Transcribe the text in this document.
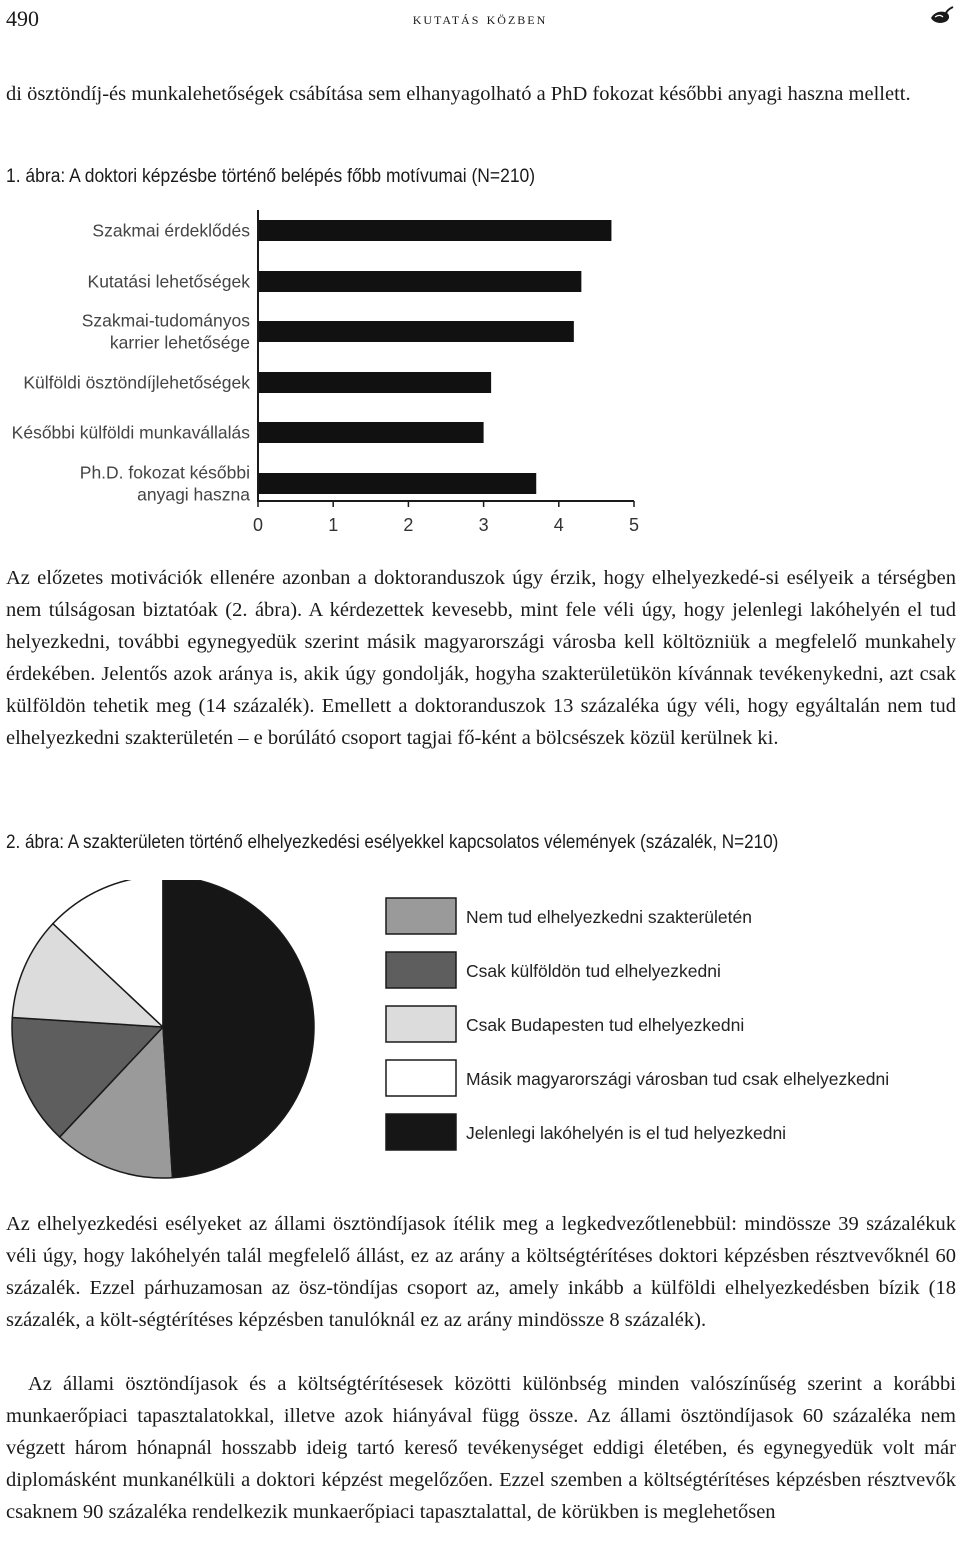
490	kutatás közben

di ösztöndíj-és munkalehetőségek csábítása sem elhanyagolható a PhD fokozat későbbi anyagi haszna mellett.

1. ábra: A doktori képzésbe történő belépés főbb motívumai (N=210)
0	1	2	3	4	5
Szakmai érdeklődés
Kutatási lehetőségek
Szakmai-tudományos
karrier lehetősége
Külföldi ösztöndíjlehetőségek
Későbbi külföldi munkavállalás
Ph.D. fokozat későbbi
anyagi haszna

Az előzetes motivációk ellenére azonban a doktoranduszok úgy érzik, hogy elhelyezkedé-si esélyeik a térségben nem túlságosan biztatóak (2. ábra). A kérdezettek kevesebb, mint fele véli úgy, hogy jelenlegi lakóhelyén el tud helyezkedni, további egynegyedük szerint másik magyarországi városba kell költözniük a megfelelő munkahely érdekében. Jelentős azok aránya is, akik úgy gondolják, hogyha szakterületükön kívánnak tevékenykedni, azt csak külföldön tehetik meg (14 százalék). Emellett a doktoranduszok 13 százaléka úgy véli, hogy egyáltalán nem tud elhelyezkedni szakterületén – e borúlátó csoport tagjai fő-ként a bölcsészek közül kerülnek ki.

2. ábra: A szakterületen történő elhelyezkedési esélyekkel kapcsolatos vélemények (százalék, N=210)
Nem tud elhelyezkedni szakterületén
Csak külföldön tud elhelyezkedni
Csak Budapesten tud elhelyezkedni
Másik magyarországi városban tud csak elhelyezkedni
Jelenlegi lakóhelyén is el tud helyezkedni

Az elhelyezkedési esélyeket az állami ösztöndíjasok ítélik meg a legkedvezőtlenebbül: mindössze 39 százalékuk véli úgy, hogy lakóhelyén talál megfelelő állást, ez az arány a költségtérítéses doktori képzésben résztvevőknél 60 százalék. Ezzel párhuzamosan az ösz-töndíjas csoport az, amely inkább a külföldi elhelyezkedésben bízik (18 százalék, a költ-ségtérítéses képzésben tanulóknál ez az arány mindössze 8 százalék).

Az állami ösztöndíjasok és a költségtérítésesek közötti különbség minden valószínűség szerint a korábbi munkaerőpiaci tapasztalatokkal, illetve azok hiányával függ össze. Az állami ösztöndíjasok 60 százaléka nem végzett három hónapnál hosszabb ideig tartó kereső tevékenységet eddigi életében, és egynegyedük volt már diplomásként munkanélküli a doktori képzést megelőzően. Ezzel szemben a költségtérítéses képzésben résztvevők csaknem 90 százaléka rendelkezik munkaerőpiaci tapasztalattal, de körükben is meglehetősen
